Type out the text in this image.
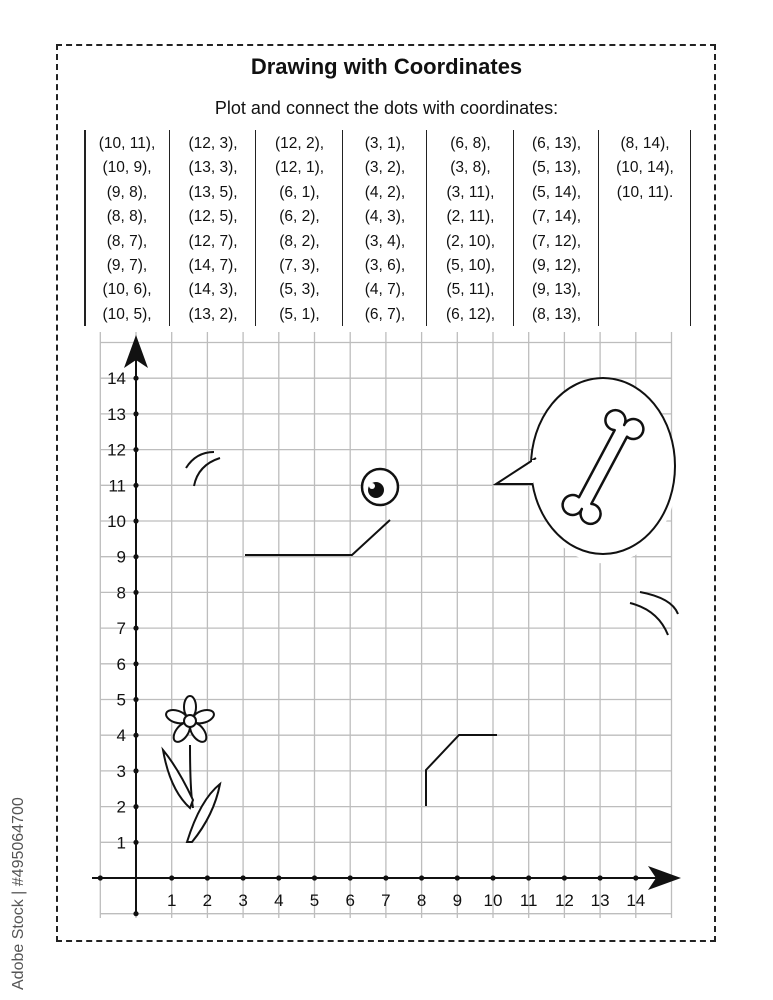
Drawing with Coordinates
Plot and connect the dots with coordinates:
(10, 11),
(10, 9),
(9, 8),
(8, 8),
(8, 7),
(9, 7),
(10, 6),
(10, 5),
(12, 3),
(13, 3),
(13, 5),
(12, 5),
(12, 7),
(14, 7),
(14, 3),
(13, 2),
(12, 2),
(12, 1),
(6, 1),
(6, 2),
(8, 2),
(7, 3),
(5, 3),
(5, 1),
(3, 1),
(3, 2),
(4, 2),
(4, 3),
(3, 4),
(3, 6),
(4, 7),
(6, 7),
(6, 8),
(3, 8),
(3, 11),
(2, 11),
(2, 10),
(5, 10),
(5, 11),
(6, 12),
(6, 13),
(5, 13),
(5, 14),
(7, 14),
(7, 12),
(9, 12),
(9, 13),
(8, 13),
(8, 14),
(10, 14),
(10, 11).
1 2 3 4 5 6 7 8 9 10 11 12 13 14
1
2
3
4
5
6
7
8
9
10
11
12
13
14
Adobe Stock | #495064700
